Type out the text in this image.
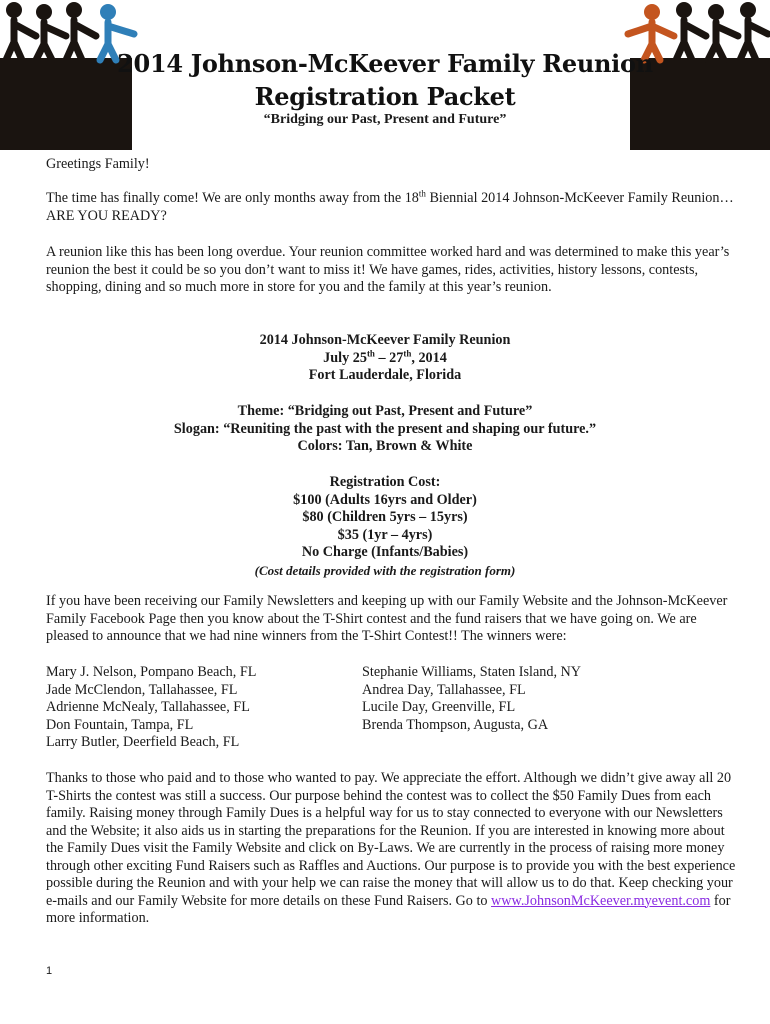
2014 Johnson-McKeever Family Reunion
Registration Packet
“Bridging our Past, Present and Future”
Greetings Family!
The time has finally come! We are only months away from the 18th Biennial 2014 Johnson-McKeever Family Reunion… ARE YOU READY?
A reunion like this has been long overdue. Your reunion committee worked hard and was determined to make this year’s reunion the best it could be so you don’t want to miss it! We have games, rides, activities, history lessons, contests, shopping, dining and so much more in store for you and the family at this year’s reunion.
2014 Johnson-McKeever Family Reunion
July 25th – 27th, 2014
Fort Lauderdale, Florida
Theme: “Bridging out Past, Present and Future”
Slogan: “Reuniting the past with the present and shaping our future.”
Colors: Tan, Brown & White
Registration Cost:
$100 (Adults 16yrs and Older)
$80 (Children 5yrs – 15yrs)
$35 (1yr – 4yrs)
No Charge (Infants/Babies)
(Cost details provided with the registration form)
If you have been receiving our Family Newsletters and keeping up with our Family Website and the Johnson-McKeever Family Facebook Page then you know about the T-Shirt contest and the fund raisers that we have going on. We are pleased to announce that we had nine winners from the T-Shirt Contest!! The winners were:
Mary J. Nelson, Pompano Beach, FL
Jade McClendon, Tallahassee, FL
Adrienne McNealy, Tallahassee, FL
Don Fountain, Tampa, FL
Larry Butler, Deerfield Beach, FL
Stephanie Williams, Staten Island, NY
Andrea Day, Tallahassee, FL
Lucile Day, Greenville, FL
Brenda Thompson, Augusta, GA
Thanks to those who paid and to those who wanted to pay. We appreciate the effort. Although we didn’t give away all 20 T-Shirts the contest was still a success. Our purpose behind the contest was to collect the $50 Family Dues from each family. Raising money through Family Dues is a helpful way for us to stay connected to everyone with our Newsletters and the Website; it also aids us in starting the preparations for the Reunion. If you are interested in knowing more about the Family Dues visit the Family Website and click on By-Laws. We are currently in the process of raising more money through other exciting Fund Raisers such as Raffles and Auctions. Our purpose is to provide you with the best experience possible during the Reunion and with your help we can raise the money that will allow us to do that. Keep checking your e-mails and our Family Website for more details on these Fund Raisers. Go to www.JohnsonMcKeever.myevent.com for more information.
1
